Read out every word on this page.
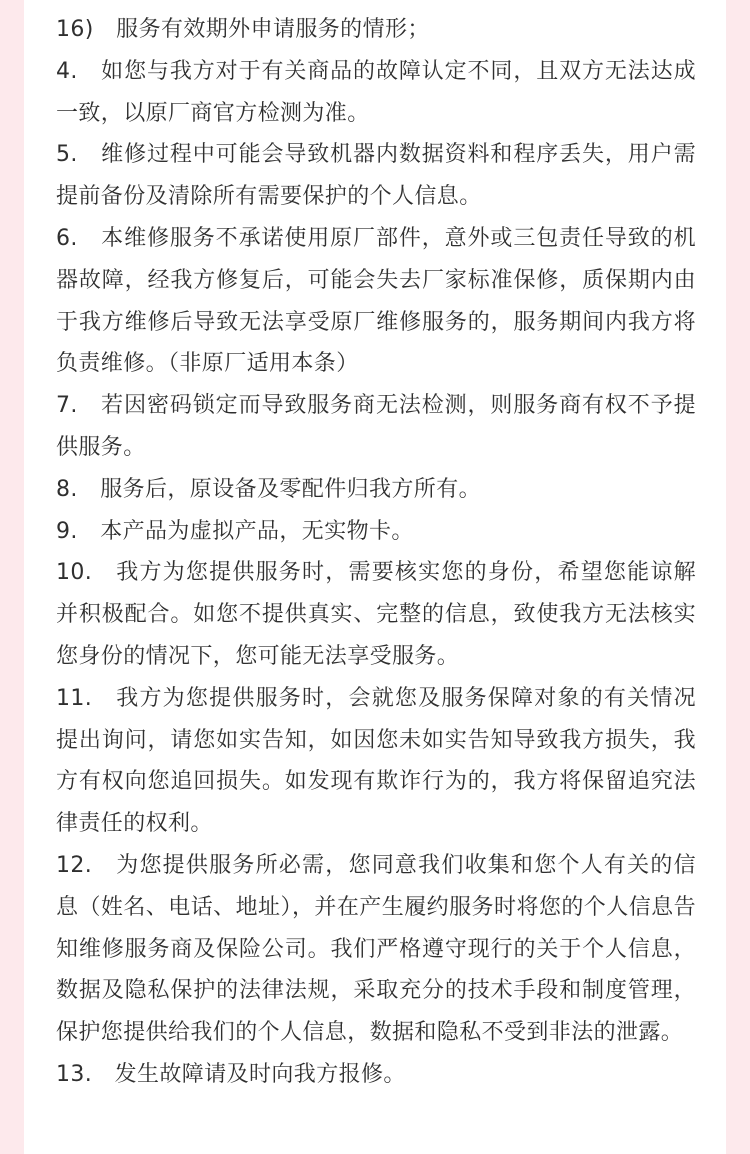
16)　服务有效期外申请服务的情形；
4.　如您与我方对于有关商品的故障认定不同，且双方无法达成一致，以原厂商官方检测为准。
5.　维修过程中可能会导致机器内数据资料和程序丢失，用户需提前备份及清除所有需要保护的个人信息。
6.　本维修服务不承诺使用原厂部件，意外或三包责任导致的机器故障，经我方修复后，可能会失去厂家标准保修，质保期内由于我方维修后导致无法享受原厂维修服务的，服务期间内我方将负责维修。（非原厂适用本条）
7.　若因密码锁定而导致服务商无法检测，则服务商有权不予提供服务。
8.　服务后，原设备及零配件归我方所有。
9.　本产品为虚拟产品，无实物卡。
10.　我方为您提供服务时，需要核实您的身份，希望您能谅解并积极配合。如您不提供真实、完整的信息，致使我方无法核实您身份的情况下，您可能无法享受服务。
11.　我方为您提供服务时，会就您及服务保障对象的有关情况提出询问，请您如实告知，如因您未如实告知导致我方损失，我方有权向您追回损失。如发现有欺诈行为的，我方将保留追究法律责任的权利。
12.　为您提供服务所必需，您同意我们收集和您个人有关的信息（姓名、电话、地址），并在产生履约服务时将您的个人信息告知维修服务商及保险公司。我们严格遵守现行的关于个人信息，数据及隐私保护的法律法规，采取充分的技术手段和制度管理，保护您提供给我们的个人信息，数据和隐私不受到非法的泄露。
13.　发生故障请及时向我方报修。
